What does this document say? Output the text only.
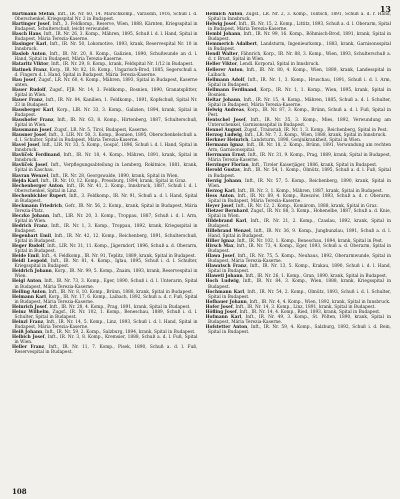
13

Hartmann Stefan, Inft., IR. Nr. 60, 14. Marschkomp., Varasdin, 1916, Schuß l. d. Oberschenkel, Kriegsspital Nr. 2 in Budapest.

Hartinger Josef, Inft., 3. Feldkomp., Reserve, Wien, 1888, Kärnten, Kriegsspital in Budapest, Schulterschuß, leicht verwundet.

Hasch Hans, Inft., IR. Nr. 26, 3. Komp., Mähren, 1895, Schuß l. d. l. Hand, Spital in Budapest, Mária Terezia-Kaserne.

Hasinger Karl, Inft., IR. Nr. 50, Lokomotive, 1893, krank, Reservespital Nr. 10 in Innsbruck.

Haslob Anton, Inft., IR. Nr. 20, 8. Komp., Galizien, 1890, Schußwunde an d. l. Hand, Spital in Budapest, Mária Terezia-Kaserne.

Hataritz Viktor, Inft., IR. Nr. 29, 8. Komp., krank, Feldspital Nr. 1/12 in Budapest.

Hatinek Franz, Korp., IR. Nr. 82, 18. Komp., Ungarisch-Brod, 1885, Segerschuß a. d. Fingern d. l. Hand, Spital in Budapest, Mária Terezia-Kaserne.

Hau Josef, Zugsf., LR. Nr. 60, 4. Komp., Mähren, 1893, Spital in Budapest, Kaserne unten.

Hauer Rudolf, Zugsf., FJB. Nr. 14, 3. Feldkomp., Bosnien, 1890, Granatsplitter, Spital in Wien.

Hauer Franz, Inft., IR. Nr. 84, Kanilien, 1. Feldkomp., 1891, Kopfschuß, Spital Nr. 33 in Budapest.

Hausberger Karl, Korp., LIR. Nr. 33, 3. Komp., Galizien, 1894, krank, Spital in Budapest.

Haushofer Franz, Inft., IR. Nr. 63, 8. Komp., Hirtenberg, 1887, Schulterschuß, Spital in Wien.

Hausmann Josef, Zugsf., LR. Nr. 5, Tirol, Budapest, Kaserne.

Hausner Josef, Inft., 3. LIR. Nr. 50, 3. Komp., Bosnien, 1895, Oberschenkelschuß a. d. l. Schulter, Spital in Budapest, Mária Terezia-Kaserne.

Havel Josef, Inft., LIR. Nr. 33, 5. Komp., Gospić, 1896, Schuß i. d. l. Hand, Spital in Innsbruck.

Havlíček Ferdinand, Inft., IR. Nr. 18, 4. Komp., Mähren, 1891, krank, Spital in Innsbruck.

Havlíček Josef, Inft., Verpflegungsabteilung in Lemberg, Rokitnice, 1881, krank, Spital in Kaschau.

Havran Wenzel, Inft., IR. Nr. 28, Georgswalde, 1890, krank, Spital in Wien.

Hejda Karl, Inft., IR. Nr. 10, 12. Komp., Pressburg, 1894, krank, Spital in Graz.

Hechenberger Anton, Inft., IR. Nr. 41, 2. Komp., Innsbruck, 1887, Schuß l. d. l. Oberschenkel, Spital in Linz.

Hechenbichler Rupert, Inft., 3. Feldkomp., IR. Nr. 91, Schuß a. d. l. Hand, Spital in Budapest.

Heckmann Friedrich, Gefr., IR. Nr. 56, 2. Komp., krank, Spital in Budapest, Mária Terezia-Platz.

Heczko Johann, Inft., LIR. Nr. 20, 3. Komp., Troppau, 1887, Schuß i. d. l. Arm, Spital in Wien.

Hedrich Franz, Inft., IR. Nr. 1, 3. Komp., Troppau, 1892, krank, Kriegsspital in Budapest.

Hegenbart Emil, Inft., IR. Nr. 42, 12. Komp., Reichenberg, 1891, Schulterschuß, Spital in Budapest.

Heger Rudolf, Inft., LIR. Nr. 31, 11. Komp., Jägerndorf, 1896, Schuß a. d. Oberarm, Spital in Budapest.

Heide Emil, Inft., 4. Feldkomp., IR. Nr. 91, Teplitz, 1889, krank, Spital in Budapest.

Heidl Leopold, Inft., IR. Nr. 81, 4. Komp., Iglau, 1895, Schuß i. d. l. Schulter, Kriegsspital in Budapest.

Heidrich Johann, Korp., IR. Nr. 99, 5. Komp., Znaim, 1893, krank, Reservespital in Wien.

Heigl Anton, Inft., IR. Nr. 73, 3. Komp., Eger, 1890, Schuß i. d. l. Unterarm, Spital in Budapest, Mária Terezia-Kaserne.

Heiling Anton, Inft., IR. Nr. 8, 10. Komp., Brünn, 1888, krank, Spital in Budapest.

Heimann Karl, Korp., IR. Nr. 17, 6. Komp., Laibach, 1892, Schuß a. d. r. Fuß, Spital in Budapest, Mária Terezia-Kaserne.

Heinrich Josef, Inft., IR. Nr. 28, 4. Komp., Prag, 1891, krank, Spital in Budapest.

Heinz Wilhelm, Zugsf., IR. Nr. 102, 1. Komp., Beneschau, 1889, Schuß i. d. l. Schulter, Spital in Budapest.

Heinzl Franz, Inft., IR. Nr. 14, 5. Komp., Linz, 1893, Schuß i. d. l. Hand, Spital in Budapest, Mária Terezia-Kaserne.

Heiß Johann, Inft., IR. Nr. 59, 2. Komp., Salzburg, 1894, krank, Spital in Budapest.

Helbich Josef, Inft., IR. Nr. 3, 8. Komp., Kremsier, 1888, Schuß a. d. l. Fuß, Spital in Wien.

Heller Franz, Inft., IR. Nr. 11, 7. Komp., Pisek, 1890, Schuß a. d. l. Fuß, Reservespital in Budapest.

Helmich Anton, Zugsf., LR. Nr. 2, 3. Komp., Tolitsch, 1891, Schuß a. d. r. Hand, Spital in Innsbruck.

Helwig Josef, Inft., IR. Nr. 15, 2. Komp., Littitz, 1893, Schuß a. d. l. Oberarm, Spital in Budapest, Mária Terezia-Kaserne.

Hembl Johann, Inft., IR. Nr. 99, 16. Komp., Böhmisch-Brod, 1891, krank, Spital in Budapest.

Hemmerich Adalbert, Landsturm, Ingenieurkomp., 1883, krank, Garnisonsspital in Budapest.

Hendl Walter, Fähnrich, Korp., IR. Nr. 88, 3. Komp., Wien, 1893, Schulterschuß a. d. r. Brust, Spital in Wien.

Heller Viktor, Lendl. Korporal, Spital in Innsbruck.

Hellerer Anton, Inft., IR. Nr. 80, 4. Komp., Wien, 1889, krank, Landesspital in Laibach.

Hellmann Adolf, Inft., IR. Nr. 1, 3. Komp., Hruschau, 1891, Schuß i. d. l. Arm, Spital in Budapest.

Hellmann Ferdinand, Korp., IR. Nr. 1, 1. Komp., Wien, 1895, krank, Spital in Bosnien.

Heltar Johann, Inft., IR. Nr. 15, 4. Komp., Mähren, 1885, Schuß a. d. l. Schulter, Spital in Budapest, Mária Terezia-Kaserne.

Helwig Andreas, Korp., IR. Nr. 87, 3. Komp., Brünn, Schuß a. d. l. Fuß, Spital in Pest.

Hentschel Josef, Inft., IR. Nr. 35, 3. Komp., Mies, 1892, Verwundung am Unterschenkel, Garnisonsspital in Budapest.

Hennel August, Zugsf., Trainstab, IR. Nr. 1, 3. Komp., Reichenberg, Spital in Pest.

Herzog Ludwig, Inft., LR. Nr. 7, 2. Komp., Wien, 1888, krank, Spital in Innsbruck.

Herkner Heinrich, Landsturm, 1898, Gonjnikrankheit, Spital in Wien.

Hermann Ignaz, Inft., IR. Nr. 18, 2. Komp., Brünn, 1891, Verwundung am rechten Arm, Garnisonsspital.

Herrmann Ernst, Inft., IR. Nr. 31, 9. Komp., Prag, 1889, krank, Spital in Budapest, Mária Terezia-Kaserne.

Herzinger Florian, Inft., Tiroler Kaiserjäger, 1886, krank, Spital in Budapest.

Herold Gustav, Inft., IR. Nr. 54, 1. Komp., Olmütz, 1895, Schuß a. d. l. Fuß, Spital in Budapest.

Herzig Johann, Inft., IR. Nr. 57, 5. Komp., Reichenberg, 1890, krank, Spital in Wien.

Herzog Karl, Inft., IR. Nr. 3, 1. Komp., Mähren, 1887, krank, Spital in Budapest.

Hess Anton, Inft., IR. Nr. 89, 4. Komp., Rzeszów, 1893, Schuß a. d. r. Oberarm, Spital in Budapest, Mária Terezia-Kaserne.

Heyer Josef, Inft., IR. Nr. 12, 2. Komp., Komárom, 1888, krank, Spital in Graz.

Hietzer Bernhard, Zugsf., IR. Nr. 88, 3. Komp., Hohenelbe, 1887, Schuß a. d. Knie, Spital in Wien.

Hildebrand Karl, Inft., IR. Nr. 21, 2. Komp., Czaslau, 1892, krank, Spital in Budapest.

Hillebrand Wenzel, Inft., IR. Nr. 36, 9. Komp., Jungbunzlau, 1891, Schuß a. d. l. Hand, Spital in Budapest.

Hiller Ignaz, Inft., IR. Nr. 102, 1. Komp., Beneschau, 1894, krank, Spital in Pest.

Hirsch Max, Inft., IR. Nr. 73, 4. Komp., Eger, 1893, Schuß a. d. Oberarm, Spital in Budapest.

Hlawa Josef, Inft., IR. Nr. 75, 5. Komp., Neuhaus, 1892, Oberarmwunde, Spital in Budapest, Mária Terezia-Kaserne.

Hlawatsch Franz, Inft., IR. Nr. 13, 5. Komp., Krakau, 1890, Schuß i. d. l. Hand, Spital in Budapest.

Hlaweti Johann, Inft., IR. Nr. 26, 1. Komp., Gran, 1890, krank, Spital in Budapest.

Hoch Ludwig, Inft., IR. Nr. 84, 3. Komp., Wien, 1888, krank, Kriegsspital in Budapest.

Hochmann Karl, Inft., IR. Nr. 54, 2. Komp., Olmütz, 1893, Schuß i. d. l. Schulter, Spital in Budapest.

Hofbauer Johann, Inft., IR. Nr. 4, 4. Komp., Wien, 1892, krank, Spital in Innsbruck.

Hofer Josef, Inft., IR. Nr. 14, 3. Komp., Linz, 1891, krank, Spital in Budapest.

Höfling Josef, Inft., IR. Nr. 14, 4. Komp., Ried, 1893, krank, Spital in Budapest.

Hofmann Karl, Inft., IR. Nr. 49, 3. Komp., St. Pölten, 1890, krank, Spital in Budapest, Mária Terezia-Kaserne.

Hofstetter Anton, Inft., IR. Nr. 59, 4. Komp., Salzburg, 1892, Schuß i. d. Bein, Spital in Budapest.

108
